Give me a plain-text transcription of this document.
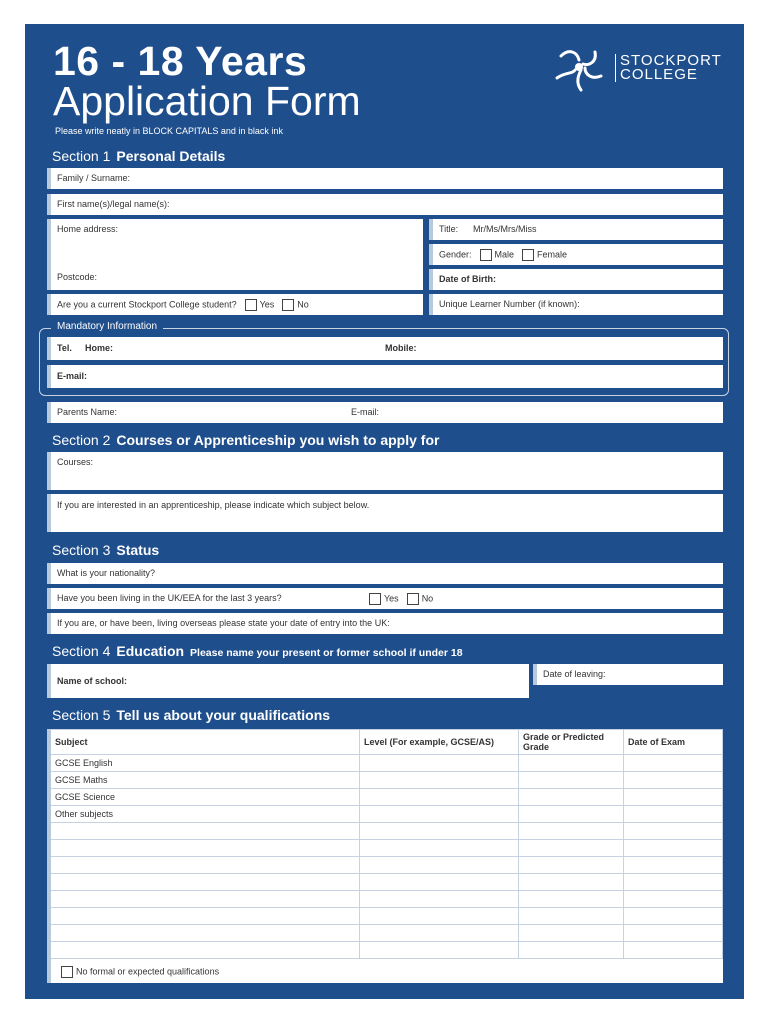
16 - 18 Years
Application Form
Please write neatly in BLOCK CAPITALS and in black ink
STOCKPORT
COLLEGE
Section 1 Personal Details
Family / Surname:
First name(s)/legal name(s):
Home address:
Postcode:
Title: Mr/Ms/Mrs/Miss
Gender:	Male	Female
Date of Birth:
Are you a current Stockport College student?	Yes	No	Unique Learner Number (if known):
Mandatory Information
Tel. Home:	Mobile:
E-mail:
Parents Name:	E-mail:
Section 2 Courses or Apprenticeship you wish to apply for
Courses:
If you are interested in an apprenticeship, please indicate which subject below.
Section 3 Status
What is your nationality?
Have you been living in the UK/EEA for the last 3 years?	Yes	No
If you are, or have been, living overseas please state your date of entry into the UK:
Section 4 Education Please name your present or former school if under 18
Name of school:
Date of leaving:
Section 5 Tell us about your qualifications
Subject	Level (For example, GCSE/AS)	Grade or Predicted Grade	Date of Exam
GCSE English			
GCSE Maths			
GCSE Science			
Other subjects			

No formal or expected qualifications
